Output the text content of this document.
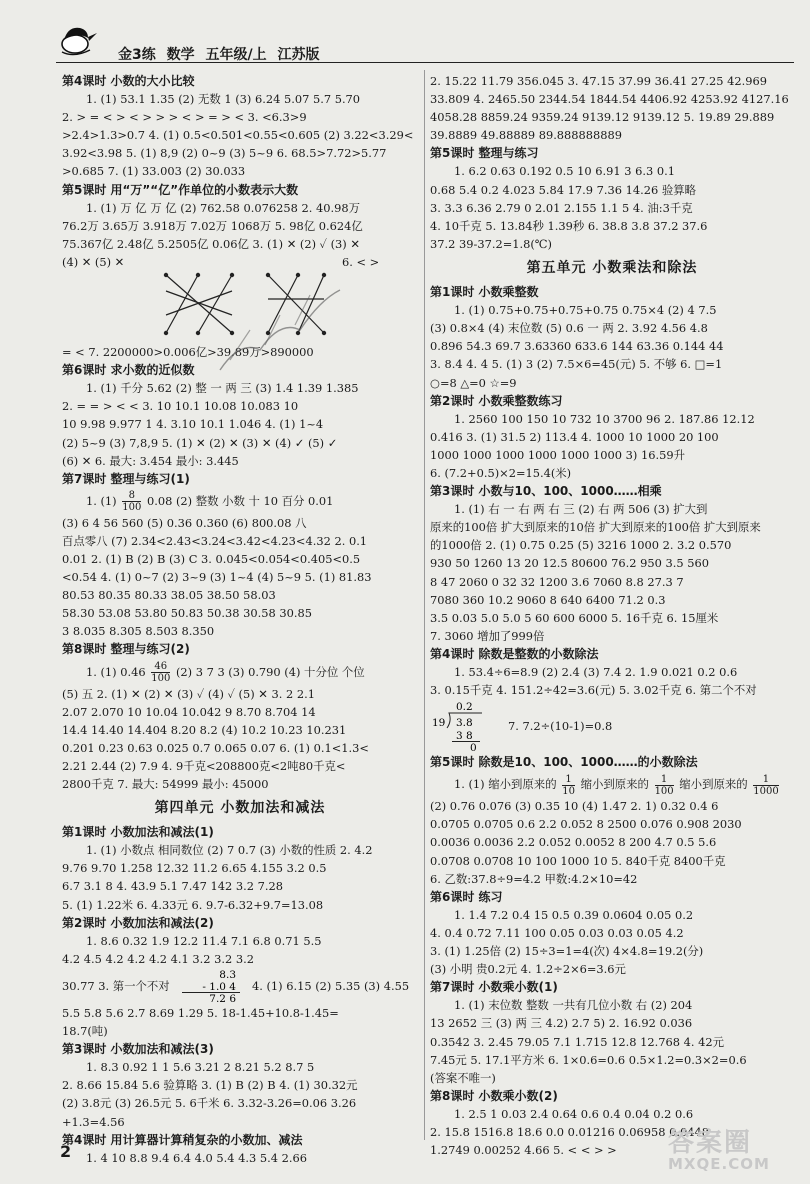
金3练 数学 五年级/上 江苏版
第4课时 小数的大小比较
1. (1) 53.1 1.35 (2) 无数 1 (3) 6.24 5.07 5.7 5.70
2. > = < > < > > > < > = > < 3. <6.3>9
>2.4>1.3>0.7 4. (1) 0.5<0.501<0.55<0.605 (2) 3.22<3.29<
3.92<3.98 5. (1) 8,9 (2) 0~9 (3) 5~9 6. 68.5>7.72>5.77
>0.685 7. (1) 33.003 (2) 30.033
第5课时 用“万”“亿”作单位的小数表示大数
1. (1) 万 亿 万 亿 (2) 762.58 0.076258 2. 40.98万
76.2万 3.65万 3.918万 7.02万 1068万 5. 98亿 0.624亿
75.367亿 2.48亿 5.2505亿 0.06亿 3. (1) ✕ (2) ✓ (3) ✕
(4) ✕ (5) ✕	6. < >
= < 7. 2200000>0.006亿>39.89万>890000
第6课时 求小数的近似数
1. (1) 千分 5.62 (2) 整 一 两 三 (3) 1.4 1.39 1.385
2. = = > < < 3. 10 10.1 10.08 10.083 10
10 9.98 9.977 1 4. 3.10 10.1 1.046 4. (1) 1~4
(2) 5~9 (3) 7,8,9 5. (1) ✕ (2) ✕ (3) ✕ (4) ✓ (5) ✓
(6) ✕ 6. 最大: 3.454 最小: 3.445
第7课时 整理与练习(1)
1. $(1) \frac{8}{100} 0.08$ (2) 整数 小数 十 10 百分 0.01
(3) 6 4 56 560 (5) 0.36 0.360 (6) 800.08 八
百点零八 (7) 2.34<2.43<3.24<3.42<4.23<4.32 2. 0.1
0.01 2. (1) B (2) B (3) C 3. 0.045<0.054<0.405<0.5
<0.54 4. (1) 0~7 (2) 3~9 (3) 1~4 (4) 5~9 5. (1) 81.83
80.53 80.35 80.33 38.05 38.50 58.03
58.30 53.08 53.80 50.83 50.38 30.58 30.85
3 8.035 8.305 8.503 8.350
第8课时 整理与练习(2)
1. (1) $0.46 \frac{46}{100} (2)$ 3 7 3 (3) 0.790 (4) 十分位 个位
(5) 五 2. (1) ✕ (2) ✕ (3) ✓ (4) ✓ (5) ✕ 3. 2 2.1
2.07 2.070 10 10.04 10.042 9 8.70 8.704 14
14.4 14.40 14.404 8.20 8.2 (4) 10.2 10.23 10.231
0.201 0.23 0.63 0.025 0.7 0.065 0.07 6. (1) 0.1<1.3<
2.21 2.44 (2) 7.9 4. 9千克<208800克<2吨80千克<
2800千克 7. 最大: 54999 最小: 45000
第四单元 小数加法和减法
第1课时 小数加法和减法(1)
1. (1) 小数点 相同数位 (2) 7 0.7 (3) 小数的性质 2. 4.2
9.76 9.70 1.258 12.32 11.2 6.65 4.155 3.2 0.5
6.7 3.1 8 4. 43.9 5.1 7.47 142 3.2 7.28
5. (1) 1.22米 6. 4.33元 6. 9.7-6.32+9.7=13.08
第2课时 小数加法和减法(2)
1. 8.6 0.32 1.9 12.2 11.4 7.1 6.8 0.71 5.5
4.2 4.5 4.2 4.2 4.2 4.1 3.2 3.2 3.2
30.77 3. 第一个不对
8.3
- 1.0 4
7.2 6
4. (1) 6.15 (2) 5.35 (3) 4.55
5.5 5.8 5.6 2.7 8.69 1.29 5. 18-1.45+10.8-1.45=
18.7(吨)
第3课时 小数加法和减法(3)
1. 8.3 0.92 1 1 5.6 3.21 2 8.21 5.2 8.7 5
2. 8.66 15.84 5.6 验算略 3. (1) B (2) B 4. (1) 30.32元
(2) 3.8元 (3) 26.5元 5. 6千米 6. 3.32-3.26=0.06 3.26
+1.3=4.56
第4课时 用计算器计算稍复杂的小数加、减法
1. 4 10 8.8 9.4 6.4 4.0 5.4 4.3 5.4 2.66
2. 15.22 11.79 356.045 3. 47.15 37.99 36.41 27.25 42.969
33.809 4. 2465.50 2344.54 1844.54 4406.92 4253.92 4127.16
4058.28 8859.24 9359.24 9139.12 9139.12 5. 19.89 29.889
39.8889 49.88889 89.888888889
第5课时 整理与练习
1. 6.2 0.63 0.192 0.5 10 6.91 3 6.3 0.1
0.68 5.4 0.2 4.023 5.84 17.9 7.36 14.26 验算略
3. 3.3 6.36 2.79 0 2.01 2.155 1.1 5 4. 油:3千克
4. 10千克 5. 13.84秒 1.39秒 6. 38.8 3.8 37.2 37.6
37.2 39-37.2=1.8(℃)
第五单元 小数乘法和除法
第1课时 小数乘整数
1. (1) 0.75+0.75+0.75+0.75 0.75×4 (2) 4 7.5
(3) 0.8×4 (4) 末位数 (5) 0.6 一 两 2. 3.92 4.56 4.8
0.896 54.3 69.7 3.63360 633.6 144 63.36 0.144 44
3. 8.4 4. 4 5. (1) 3 (2) 7.5×6=45(元) 5. 不够 6. □=1
○=8 △=0 ☆=9
第2课时 小数乘整数练习
1. 2560 100 150 10 732 10 3700 96 2. 187.86 12.12
0.416 3. (1) 31.5 2) 113.4 4. 1000 10 1000 20 100
1000 1000 1000 1000 1000 1000 3) 16.59升
6. (7.2+0.5)×2=15.4(米)
第3课时 小数与10、100、1000……相乘
1. (1) 右 一 右 两 右 三 (2) 右 两 506 (3) 扩大到
原来的100倍 扩大到原来的10倍 扩大到原来的100倍 扩大到原来
的1000倍 2. (1) 0.75 0.25 (5) 3216 1000 2. 3.2 0.570
930 50 1260 13 20 12.5 80600 76.2 950 3.5 560
8 47 2060 0 32 32 1200 3.6 7060 8.8 27.3 7
7080 360 10.2 9060 8 640 6400 71.2 0.3
3.5 0.03 5.0 5.0 5 60 600 6000 5. 16千克 6. 15厘米
7. 3060 增加了999倍
第4课时 除数是整数的小数除法
1. 53.4÷6=8.9 (2) 2.4 (3) 7.4 2. 1.9 0.021 0.2 0.6
3. 0.15千克 4. 151.2÷42=3.6(元) 5. 3.02千克 6. 第二个不对
0.2
19 3.8
3 8
0
7. 7.2÷(10-1)=0.8
第5课时 除数是10、100、1000……的小数除法
1. (1) 缩小到原来的 $\frac{1}{10}$ 缩小到原来的 $\frac{1}{100}$ 缩小到原来的 $\frac{1}{1000}$
(2) 0.76 0.076 (3) 0.35 10 (4) 1.47 2. 1) 0.32 0.4 6
0.0705 0.0705 0.6 2.2 0.052 8 2500 0.076 0.908 2030
0.0036 0.0036 2.2 0.052 0.0052 8 200 4.7 0.5 5.6
0.0708 0.0708 10 100 1000 10 5. 840千克 8400千克
6. 乙数:37.8÷9=4.2 甲数:4.2×10=42
第6课时 练习
1. 1.4 7.2 0.4 15 0.5 0.39 0.0604 0.05 0.2
4. 0.4 0.72 7.11 100 0.05 0.03 0.03 0.05 4.2
3. (1) 1.25倍 (2) 15÷3=1=4(次) 4×4.8=19.2(分)
(3) 小明 贵0.2元 4. 1.2÷2×6=3.6元
第7课时 小数乘小数(1)
1. (1) 末位数 整数 一共有几位小数 右 (2) 204
13 2652 三 (3) 两 三 4.2) 2.7 5) 2. 16.92 0.036
0.3542 3. 2.45 79.05 7.1 1.715 12.8 12.768 4. 42元
7.45元 5. 17.1平方米 6. 1×0.6=0.6 0.5×1.2=0.3×2=0.6
(答案不唯一)
第8课时 小数乘小数(2)
1. 2.5 1 0.03 2.4 0.64 0.6 0.4 0.04 0.2 0.6
2. 15.8 1516.8 18.6 0.0 0.01216 0.06958 0.0448
1.2749 0.00252 4.66 5. < < > >
2	答案圈
MXQE.COM
